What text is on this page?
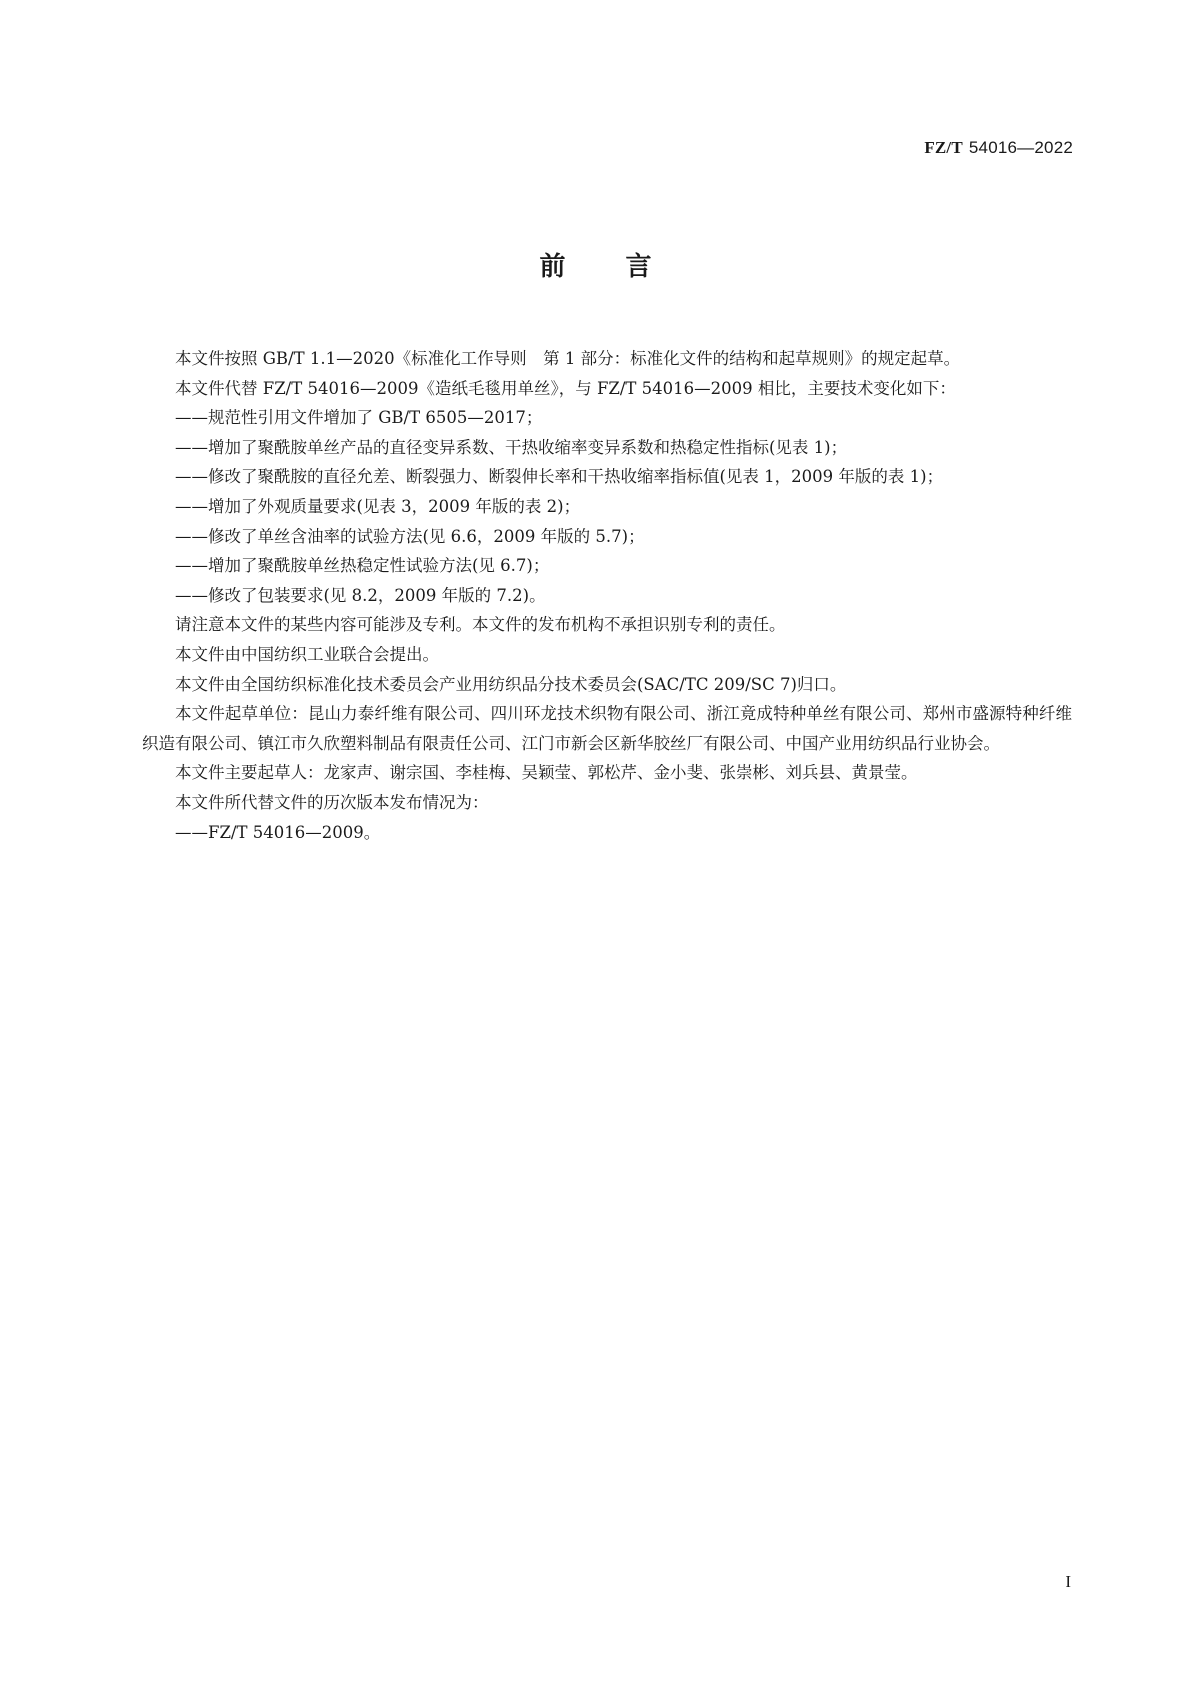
FZ/T 54016—2022
前言

本文件按照 GB/T 1.1—2020《标准化工作导则　第 1 部分：标准化文件的结构和起草规则》的规定起草。

本文件代替 FZ/T 54016—2009《造纸毛毯用单丝》，与 FZ/T 54016—2009 相比，主要技术变化如下：

——规范性引用文件增加了 GB/T 6505—2017；

——增加了聚酰胺单丝产品的直径变异系数、干热收缩率变异系数和热稳定性指标(见表 1)；

——修改了聚酰胺的直径允差、断裂强力、断裂伸长率和干热收缩率指标值(见表 1，2009 年版的表 1)；

——增加了外观质量要求(见表 3，2009 年版的表 2)；

——修改了单丝含油率的试验方法(见 6.6，2009 年版的 5.7)；

——增加了聚酰胺单丝热稳定性试验方法(见 6.7)；

——修改了包装要求(见 8.2，2009 年版的 7.2)。

请注意本文件的某些内容可能涉及专利。本文件的发布机构不承担识别专利的责任。

本文件由中国纺织工业联合会提出。

本文件由全国纺织标准化技术委员会产业用纺织品分技术委员会(SAC/TC 209/SC 7)归口。

本文件起草单位：昆山力泰纤维有限公司、四川环龙技术织物有限公司、浙江竟成特种单丝有限公司、郑州市盛源特种纤维织造有限公司、镇江市久欣塑料制品有限责任公司、江门市新会区新华胶丝厂有限公司、中国产业用纺织品行业协会。

本文件主要起草人：龙家声、谢宗国、李桂梅、吴颖莹、郭松芹、金小斐、张崇彬、刘兵县、黄景莹。

本文件所代替文件的历次版本发布情况为：

——FZ/T 54016—2009。

I
